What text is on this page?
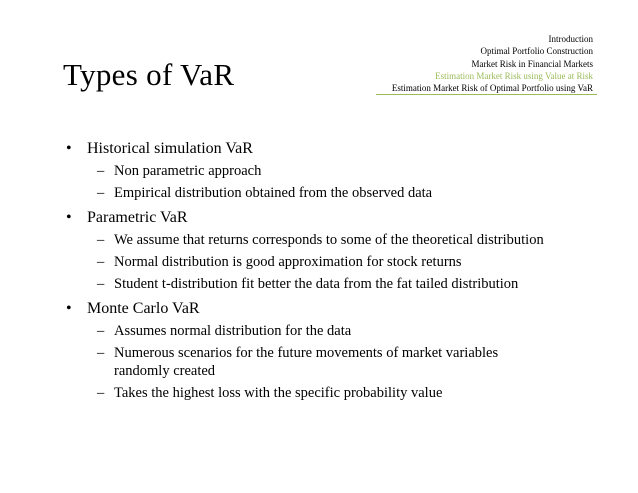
Types of VaR
Introduction
Optimal Portfolio Construction
Market Risk in Financial Markets
Estimation Market Risk using Value at Risk
Estimation Market Risk of Optimal Portfolio using VaR
• Historical simulation VaR
– Non parametric approach
– Empirical distribution obtained from the observed data
• Parametric VaR
– We assume that returns corresponds to some of the theoretical distribution
– Normal distribution is good approximation for stock returns
– Student t-distribution fit better the data from the fat tailed distribution
• Monte Carlo VaR
– Assumes normal distribution for the data
– Numerous scenarios for the future movements of market variables randomly created
– Takes the highest loss with the specific probability value
